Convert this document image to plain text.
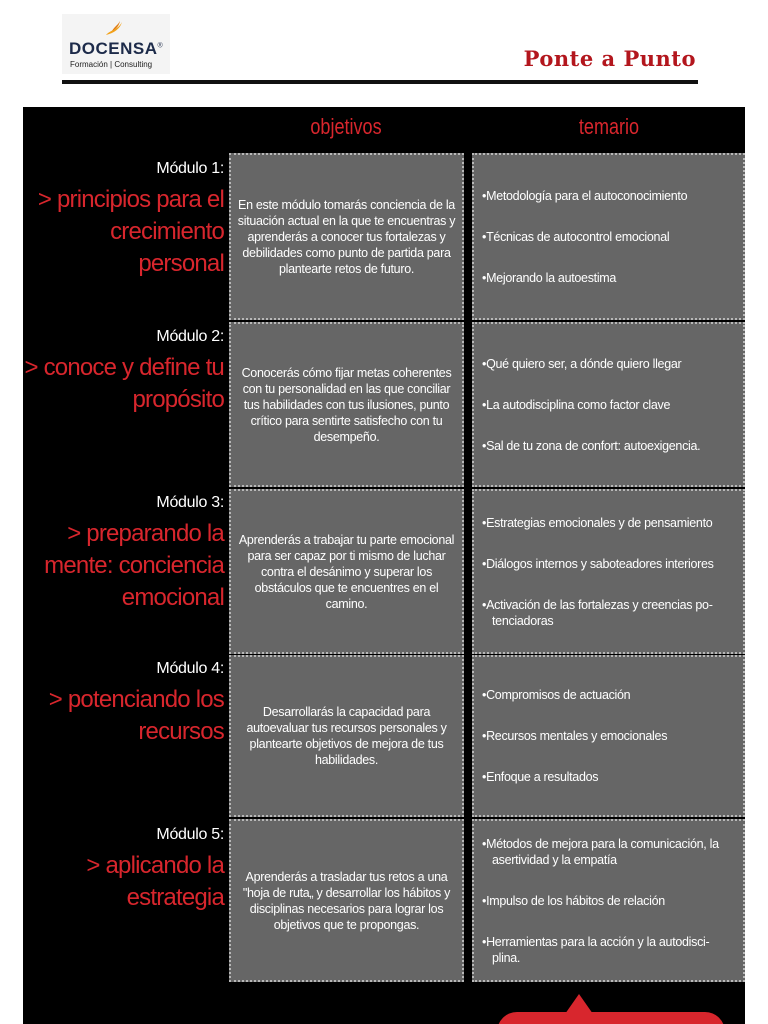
DOCENSA®
Formación | Consulting	Ponte a Punto
objetivos	temario
Módulo 1:
> principios para el crecimiento personal
En este módulo tomarás conciencia de la situación actual en la que te encuentras y aprenderás a conocer tus fortalezas y debilidades como punto de partida para plantearte retos de futuro.
• Metodología para el autoconocimiento
• Técnicas de autocontrol emocional
• Mejorando la autoestima
Módulo 2:
> conoce y define tu propósito
Conocerás cómo fijar metas coherentes con tu personalidad en las que conciliar tus habilidades con tus ilusiones, punto crítico para sentirte satisfecho con tu desempeño.
• Qué quiero ser, a dónde quiero llegar
• La autodisciplina como factor clave
• Sal de tu zona de confort: autoexigencia.
Módulo 3:
> preparando la mente: conciencia emocional
Aprenderás a trabajar tu parte emocional para ser capaz por ti mismo de luchar contra el desánimo y superar los obstáculos que te encuentres en el camino.
• Estrategias emocionales y de pensamiento
• Diálogos internos y saboteadores interiores
• Activación de las fortalezas y creencias po-tenciadoras
Módulo 4:
> potenciando los recursos
Desarrollarás la capacidad para autoevaluar tus recursos personales y plantearte objetivos de mejora de tus habilidades.
• Compromisos de actuación
• Recursos mentales y emocionales
• Enfoque a resultados
Módulo 5:
> aplicando la estrategia
Aprenderás a trasladar tus retos a una "hoja de ruta„ y desarrollar los hábitos y disciplinas necesarios para lograr los objetivos que te propongas.
• Métodos de mejora para la comunicación, la asertividad y la empatía
• Impulso de los hábitos de relación
• Herramientas para la acción y la autodisci-plina.
